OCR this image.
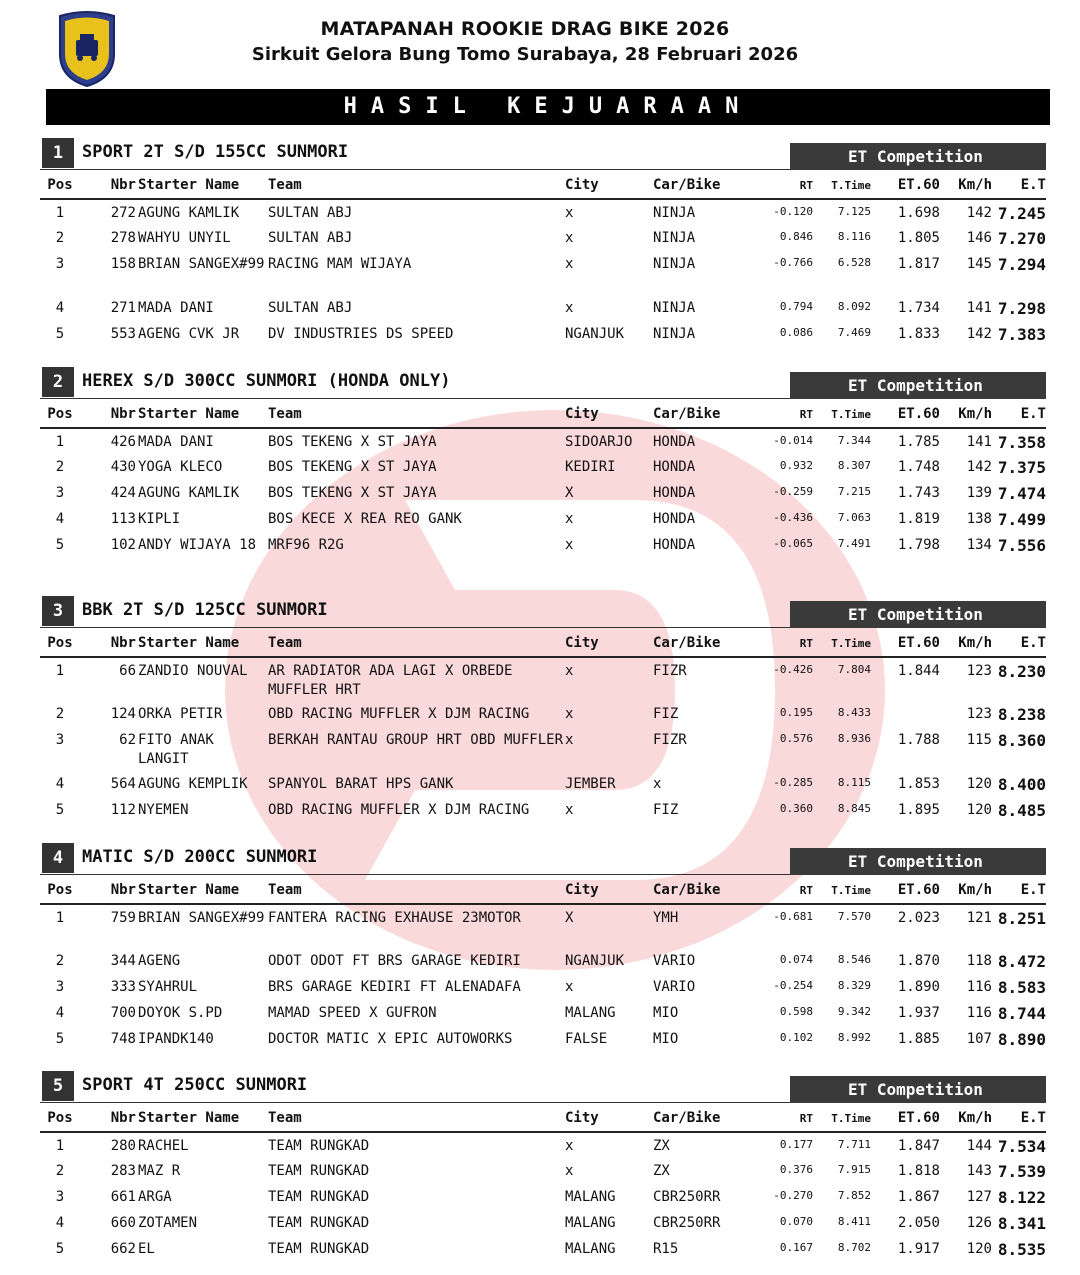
MATAPANAH ROOKIE DRAG BIKE 2026
Sirkuit Gelora Bung Tomo Surabaya, 28 Februari 2026
HASIL KEJUARAAN
1	SPORT 2T S/D 155CC SUNMORI	ET Competition
Pos	Nbr	Starter Name	Team	City	Car/Bike	RT	T.Time	ET.60	Km/h	E.T
1	272	AGUNG KAMLIK	SULTAN ABJ	x	NINJA	-0.120	7.125	1.698	142	7.245
2	278	WAHYU UNYIL	SULTAN ABJ	x	NINJA	0.846	8.116	1.805	146	7.270
3	158	BRIAN SANGEX#99	RACING MAM WIJAYA	x	NINJA	-0.766	6.528	1.817	145	7.294
4	271	MADA DANI	SULTAN ABJ	x	NINJA	0.794	8.092	1.734	141	7.298
5	553	AGENG CVK JR	DV INDUSTRIES DS SPEED	NGANJUK	NINJA	0.086	7.469	1.833	142	7.383
2	HEREX S/D 300CC SUNMORI (HONDA ONLY)	ET Competition
Pos	Nbr	Starter Name	Team	City	Car/Bike	RT	T.Time	ET.60	Km/h	E.T
1	426	MADA DANI	BOS TEKENG X ST JAYA	SIDOARJO	HONDA	-0.014	7.344	1.785	141	7.358
2	430	YOGA KLECO	BOS TEKENG X ST JAYA	KEDIRI	HONDA	0.932	8.307	1.748	142	7.375
3	424	AGUNG KAMLIK	BOS TEKENG X ST JAYA	X	HONDA	-0.259	7.215	1.743	139	7.474
4	113	KIPLI	BOS KECE X REA REO GANK	x	HONDA	-0.436	7.063	1.819	138	7.499
5	102	ANDY WIJAYA 18	MRF96 R2G	x	HONDA	-0.065	7.491	1.798	134	7.556
3	BBK 2T S/D 125CC SUNMORI	ET Competition
Pos	Nbr	Starter Name	Team	City	Car/Bike	RT	T.Time	ET.60	Km/h	E.T
1	66	ZANDIO NOUVAL	AR RADIATOR ADA LAGI X ORBEDE MUFFLER HRT	x	FIZR	-0.426	7.804	1.844	123	8.230
2	124	ORKA PETIR	OBD RACING MUFFLER X DJM RACING	x	FIZ	0.195	8.433		123	8.238
3	62	FITO ANAK LANGIT	BERKAH RANTAU GROUP HRT OBD MUFFLER	x	FIZR	0.576	8.936	1.788	115	8.360
4	564	AGUNG KEMPLIK	SPANYOL BARAT HPS GANK	JEMBER	x	-0.285	8.115	1.853	120	8.400
5	112	NYEMEN	OBD RACING MUFFLER X DJM RACING	x	FIZ	0.360	8.845	1.895	120	8.485
4	MATIC S/D 200CC SUNMORI	ET Competition
Pos	Nbr	Starter Name	Team	City	Car/Bike	RT	T.Time	ET.60	Km/h	E.T
1	759	BRIAN SANGEX#99	FANTERA RACING EXHAUSE 23MOTOR	X	YMH	-0.681	7.570	2.023	121	8.251
2	344	AGENG	ODOT ODOT FT BRS GARAGE KEDIRI	NGANJUK	VARIO	0.074	8.546	1.870	118	8.472
3	333	SYAHRUL	BRS GARAGE KEDIRI FT ALENADAFA	x	VARIO	-0.254	8.329	1.890	116	8.583
4	700	DOYOK S.PD	MAMAD SPEED X GUFRON	MALANG	MIO	0.598	9.342	1.937	116	8.744
5	748	IPANDK140	DOCTOR MATIC X EPIC AUTOWORKS	FALSE	MIO	0.102	8.992	1.885	107	8.890
5	SPORT 4T 250CC SUNMORI	ET Competition
Pos	Nbr	Starter Name	Team	City	Car/Bike	RT	T.Time	ET.60	Km/h	E.T
1	280	RACHEL	TEAM RUNGKAD	x	ZX	0.177	7.711	1.847	144	7.534
2	283	MAZ R	TEAM RUNGKAD	x	ZX	0.376	7.915	1.818	143	7.539
3	661	ARGA	TEAM RUNGKAD	MALANG	CBR250RR	-0.270	7.852	1.867	127	8.122
4	660	ZOTAMEN	TEAM RUNGKAD	MALANG	CBR250RR	0.070	8.411	2.050	126	8.341
5	662	EL	TEAM RUNGKAD	MALANG	R15	0.167	8.702	1.917	120	8.535
